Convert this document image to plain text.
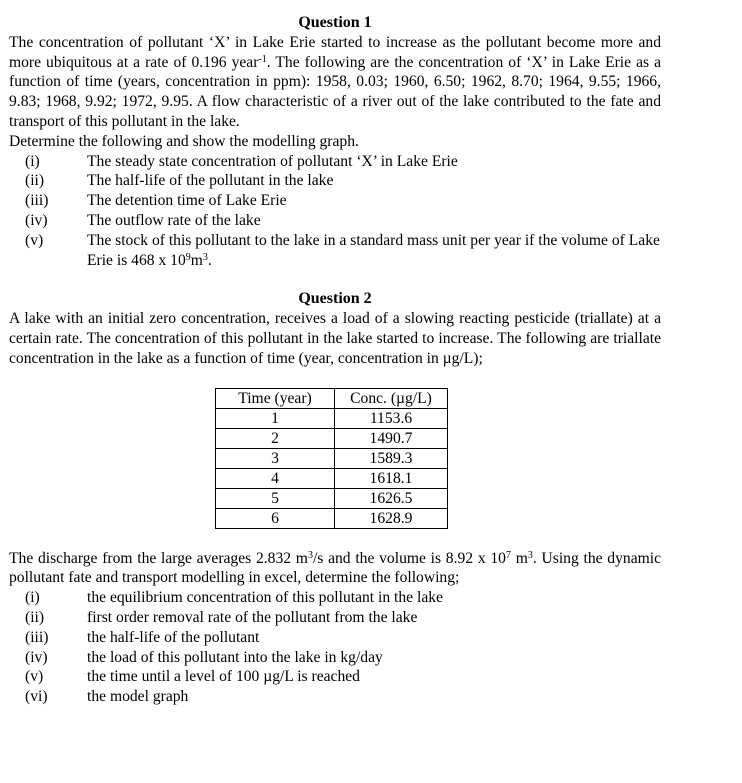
Question 1

The concentration of pollutant ‘X’ in Lake Erie started to increase as the pollutant become more and more ubiquitous at a rate of 0.196 year$^{-1}$. The following are the concentration of ‘X’ in Lake Erie as a function of time (years, concentration in ppm): 1958, 0.03; 1960, 6.50; 1962, 8.70; 1964, 9.55; 1966, 9.83; 1968, 9.92; 1972, 9.95. A flow characteristic of a river out of the lake contributed to the fate and transport of this pollutant in the lake.

Determine the following and show the modelling graph.

(i)	The steady state concentration of pollutant ‘X’ in Lake Erie
(ii)	The half-life of the pollutant in the lake
(iii)	The detention time of Lake Erie
(iv)	The outflow rate of the lake
(v)	The stock of this pollutant to the lake in a standard mass unit per year if the volume of Lake Erie is 468 x $10^9m^3$.

Question 2

A lake with an initial zero concentration, receives a load of a slowing reacting pesticide (triallate) at a certain rate. The concentration of this pollutant in the lake started to increase. The following are triallate concentration in the lake as a function of time (year, concentration in µg/L);

Time (year)	Conc. (µg/L)
1	1153.6
2	1490.7
3	1589.3
4	1618.1
5	1626.5
6	1628.9

The discharge from the large averages 2.832 $m^3/s$ and the volume is 8.92 x $10^7$ $m^3$. Using the dynamic pollutant fate and transport modelling in excel, determine the following;

(i)	the equilibrium concentration of this pollutant in the lake
(ii)	first order removal rate of the pollutant from the lake
(iii)	the half-life of the pollutant
(iv)	the load of this pollutant into the lake in kg/day
(v)	the time until a level of 100 µg/L is reached
(vi)	the model graph
